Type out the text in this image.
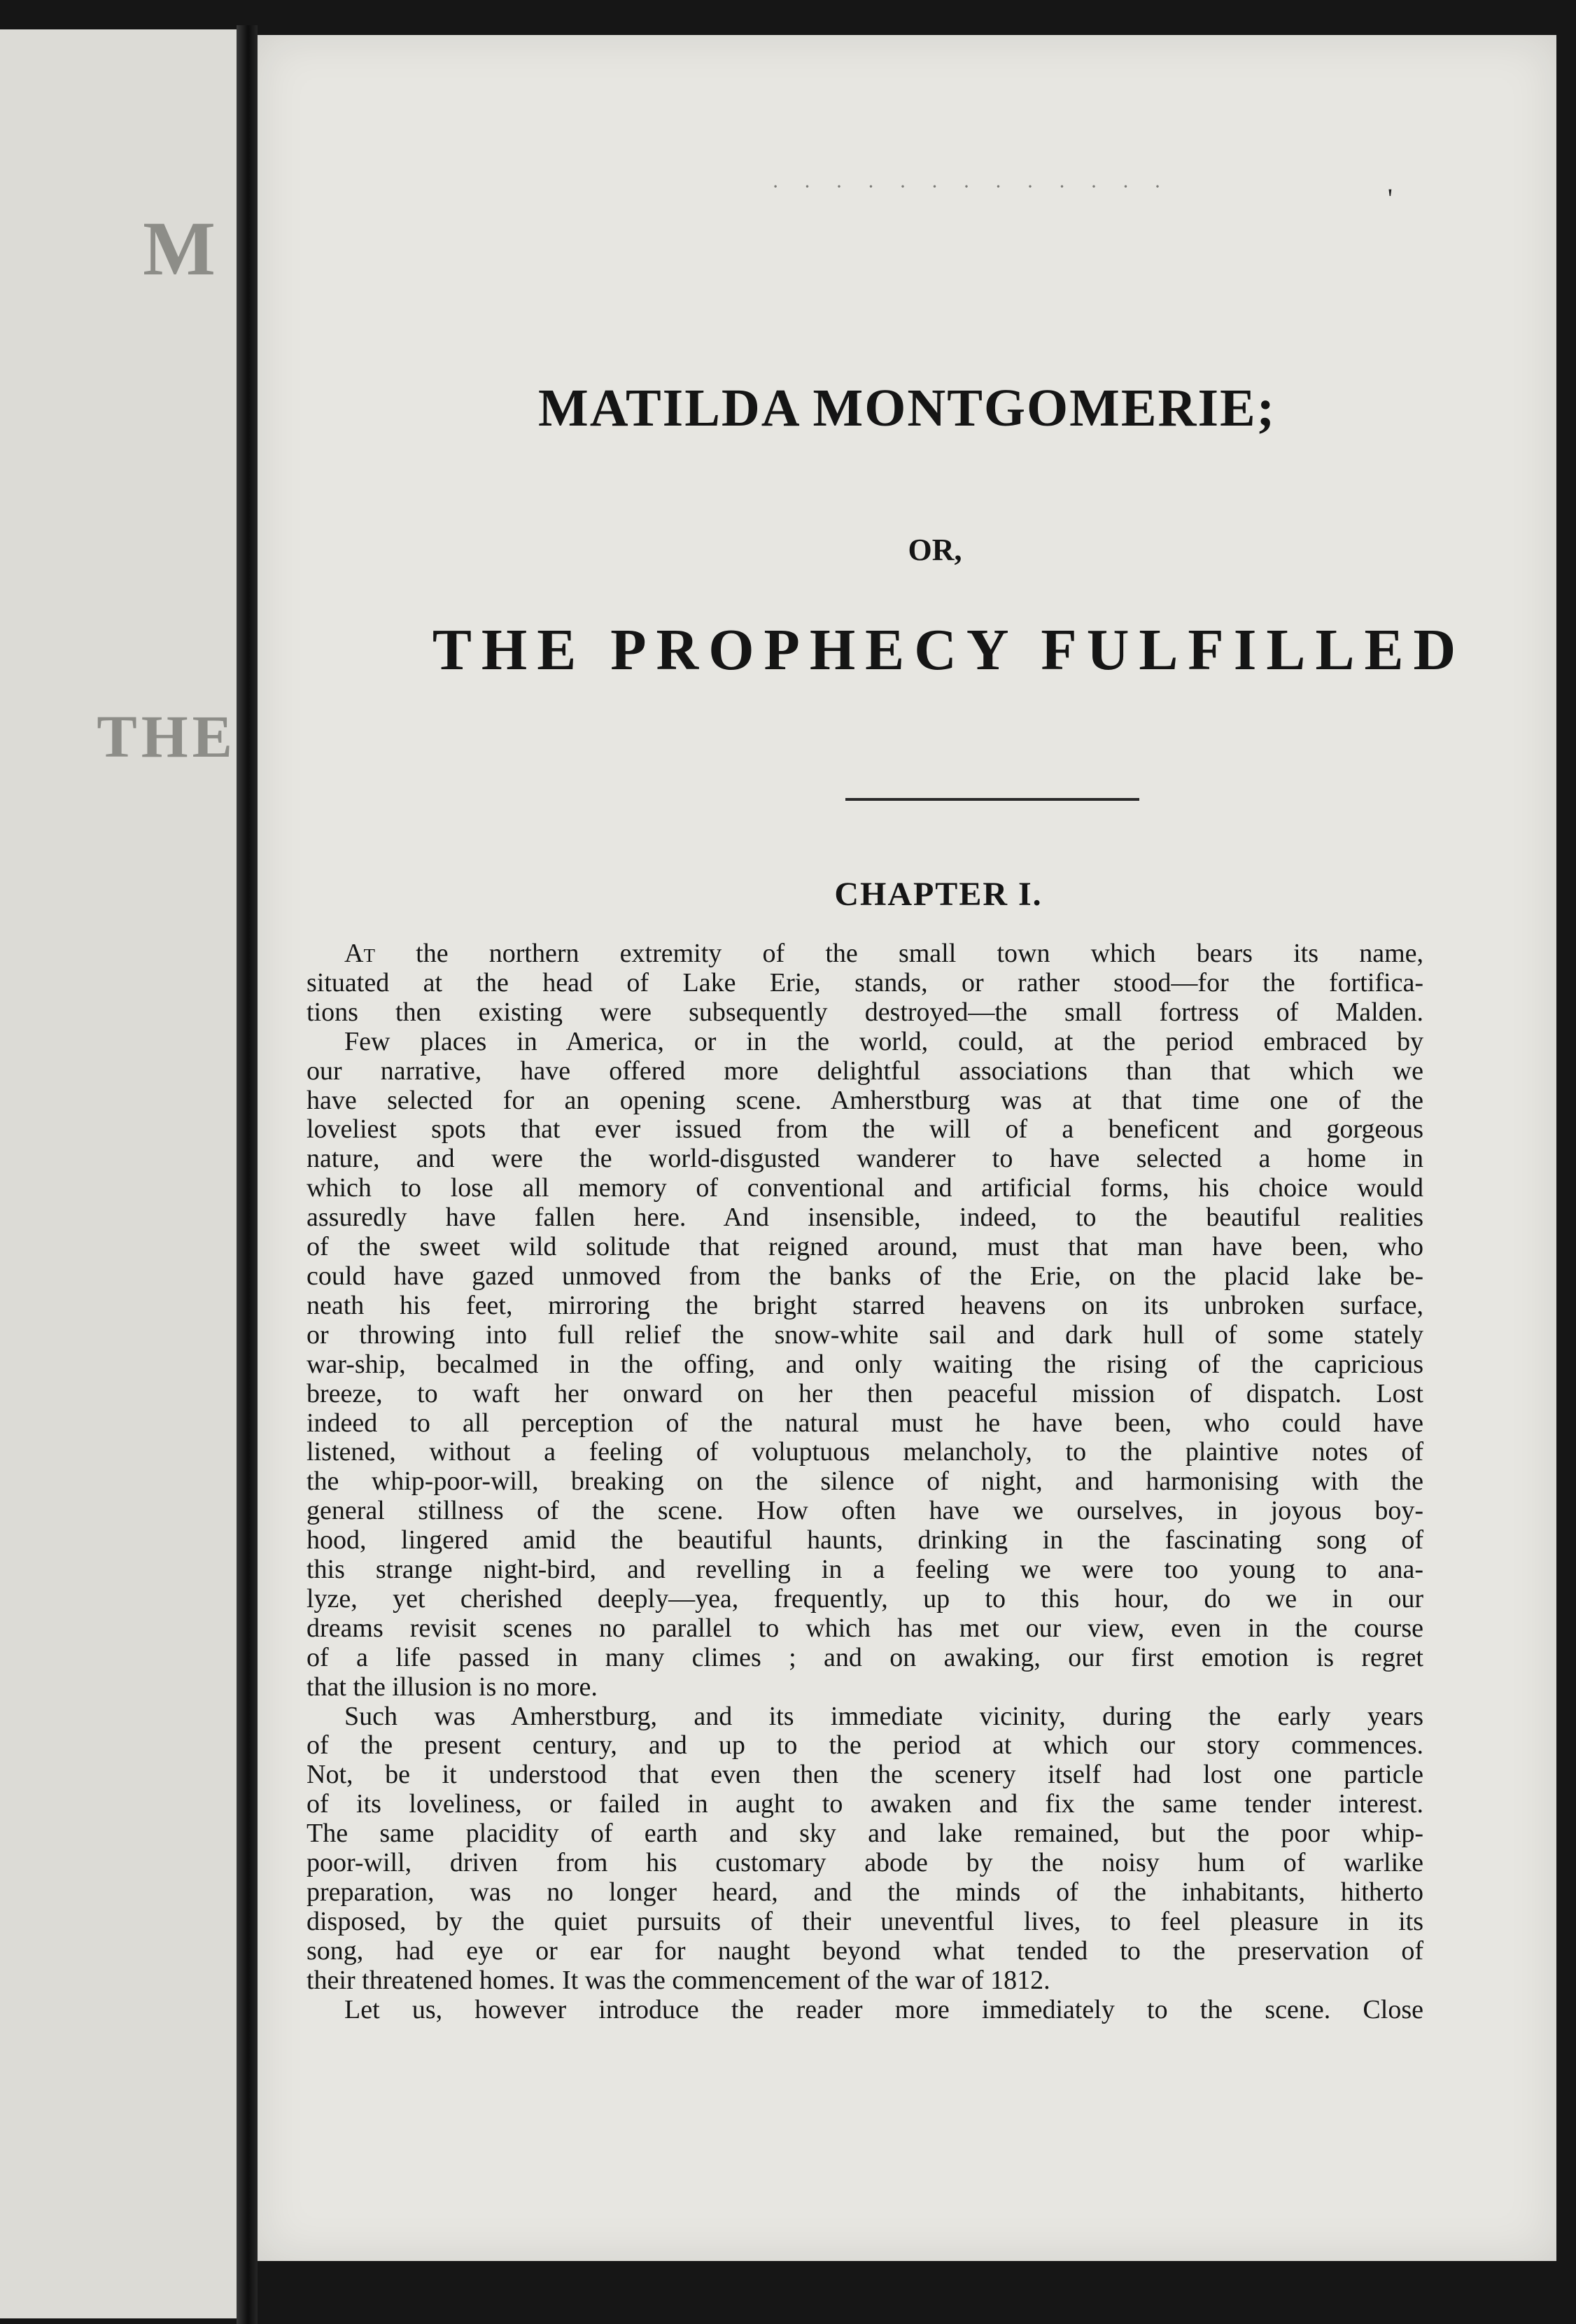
M
THE
· · · · · · · · · · · · ·	'
MATILDA MONTGOMERIE;
OR,
THE PROPHECY FULFILLED
CHAPTER I.

At the northern extremity of the small town which bears its name,
situated at the head of Lake Erie, stands, or rather stood—for the fortifica-
tions then existing were subsequently destroyed—the small fortress of Malden.

Few places in America, or in the world, could, at the period embraced by
our narrative, have offered more delightful associations than that which we
have selected for an opening scene. Amherstburg was at that time one of the
loveliest spots that ever issued from the will of a beneficent and gorgeous
nature, and were the world-disgusted wanderer to have selected a home in
which to lose all memory of conventional and artificial forms, his choice would
assuredly have fallen here. And insensible, indeed, to the beautiful realities
of the sweet wild solitude that reigned around, must that man have been, who
could have gazed unmoved from the banks of the Erie, on the placid lake be-
neath his feet, mirroring the bright starred heavens on its unbroken surface,
or throwing into full relief the snow-white sail and dark hull of some stately
war-ship, becalmed in the offing, and only waiting the rising of the capricious
breeze, to waft her onward on her then peaceful mission of dispatch. Lost
indeed to all perception of the natural must he have been, who could have
listened, without a feeling of voluptuous melancholy, to the plaintive notes of
the whip-poor-will, breaking on the silence of night, and harmonising with the
general stillness of the scene. How often have we ourselves, in joyous boy-
hood, lingered amid the beautiful haunts, drinking in the fascinating song of
this strange night-bird, and revelling in a feeling we were too young to ana-
lyze, yet cherished deeply—yea, frequently, up to this hour, do we in our
dreams revisit scenes no parallel to which has met our view, even in the course
of a life passed in many climes ; and on awaking, our first emotion is regret
that the illusion is no more.

Such was Amherstburg, and its immediate vicinity, during the early years
of the present century, and up to the period at which our story commences.
Not, be it understood that even then the scenery itself had lost one particle
of its loveliness, or failed in aught to awaken and fix the same tender interest.
The same placidity of earth and sky and lake remained, but the poor whip-
poor-will, driven from his customary abode by the noisy hum of warlike
preparation, was no longer heard, and the minds of the inhabitants, hitherto
disposed, by the quiet pursuits of their uneventful lives, to feel pleasure in its
song, had eye or ear for naught beyond what tended to the preservation of
their threatened homes. It was the commencement of the war of 1812.

Let us, however introduce the reader more immediately to the scene. Close
